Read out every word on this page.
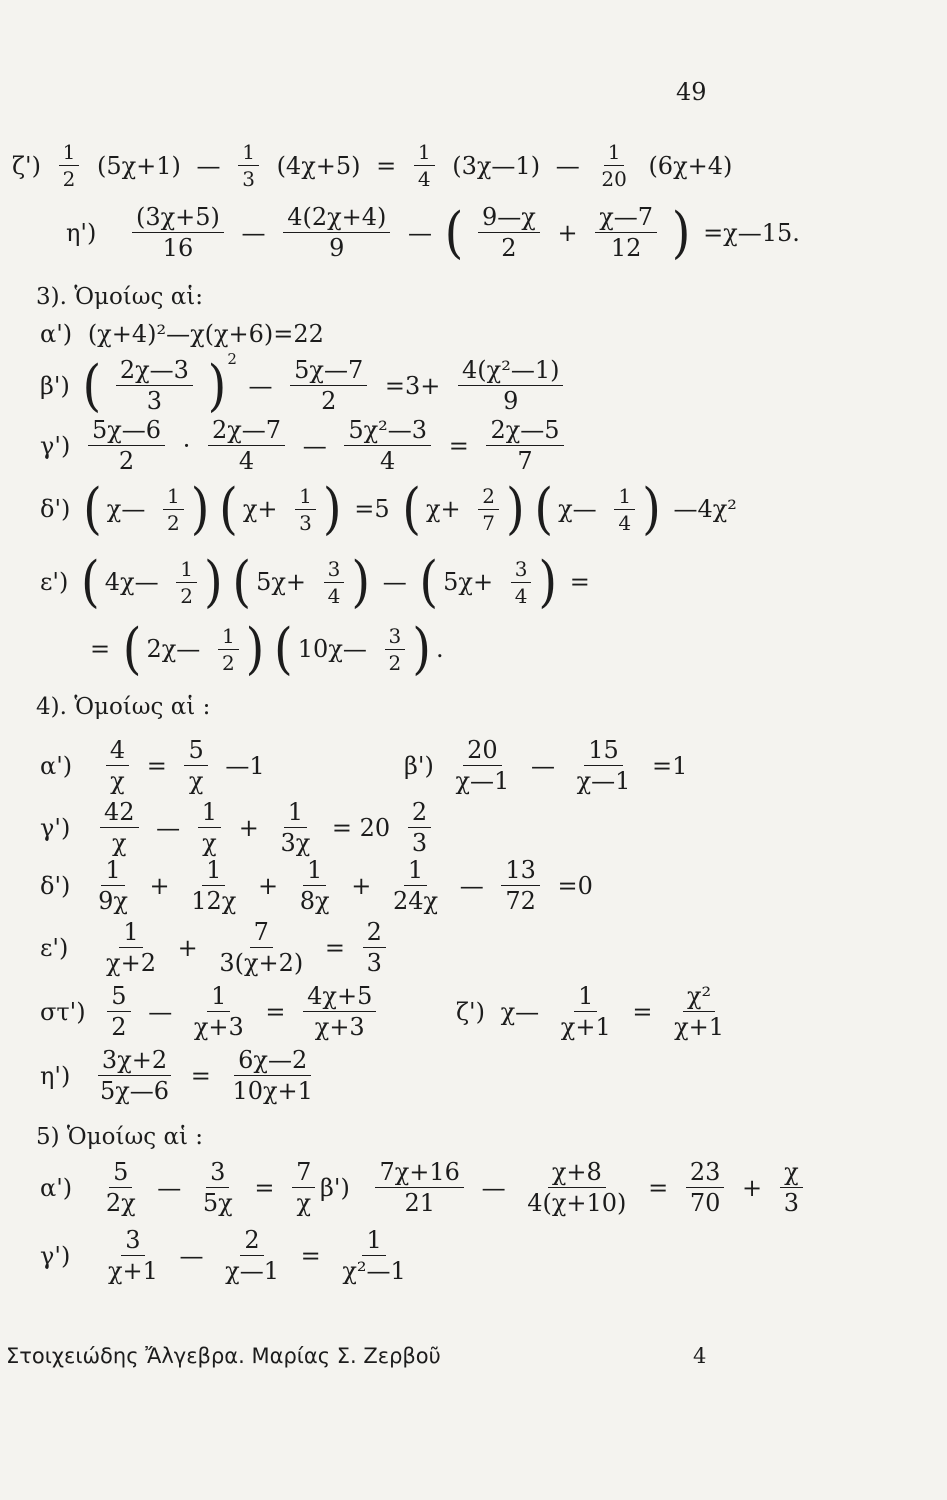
49
$\zeta') \frac{1}{2} (5\chi+1)$ — $\frac{1}{3} (4\chi+5) = \frac{1}{4}$ (3χ—1) — $\frac{1}{20} (6\chi+4)$
$\eta') \frac{(3\chi+5)}{16}$ — $\frac{4(2\chi+4)}{9}$ — ( $\frac{9—\chi}{2} + \frac{\chi—7}{12}$ ) =χ—15.
3). Ὁμοίως αἱ:
α') (χ+4)²—χ(χ+6)=22
β') ( $\frac{2\chi—3}{3} )^2$ — $\frac{5\chi—7}{2} =3+ \frac{\text{4(χ²—1)}}{9}$
$\gamma') \frac{5\chi—6}{2} \cdot \frac{2\chi—7}{4}$ — $\frac{\text{5χ²—3}}{4} = \frac{2\chi—5}{7}$
δ') ( χ— $\frac{1}{2}$ ) ( $\chi+ \frac{1}{3}$ ) =5 ( $\chi+ \frac{2}{7}$ ) ( χ— $\frac{1}{4}$ ) —4χ²
ε') ( 4χ— $\frac{1}{2}$ ) ( $5\chi+ \frac{3}{4}$ ) — ( $5\chi+ \frac{3}{4}$ ) =
= ( 2χ— $\frac{1}{2}$ ) ( 10χ— $\frac{3}{2}$ ) .
4). Ὁμοίως αἱ :
$\alpha') \frac{4}{\chi} = \frac{5}{\chi}$ —1	$\beta') \frac{20}{\chi—1}$ — $\frac{15}{\chi—1} =1$
$\gamma') \frac{42}{\chi}$ — $\frac{1}{\chi} + \frac{1}{3\chi} = 20 \frac{2}{3}$
$\delta') \frac{1}{9\chi} + \frac{1}{12\chi} + \frac{1}{8\chi} + \frac{1}{24\chi}$ — $\frac{13}{72} =0$
$\varepsilon') \frac{1}{\chi+2} + \frac{7}{3(\chi+2)} = \frac{2}{3}$
$\sigma\tau') \frac{5}{2}$ — $\frac{1}{\chi+3} = \frac{4\chi+5}{\chi+3}$	ζ') χ— $\frac{1}{\chi+1} = \frac{\text{χ²}}{\chi+1}$
$\eta') \frac{3\chi+2}{5\chi—6} = \frac{6\chi—2}{10\chi+1}$
5) Ὁμοίως αἱ :
$\alpha') \frac{5}{2\chi}$ — $\frac{3}{5\chi} = \frac{7}{\chi} \beta') \frac{7\chi+16}{21}$ — $\frac{\chi+8}{4(\chi+10)} = \frac{23}{70} + \frac{\chi}{3}$
$\gamma') \frac{3}{\chi+1}$ — $\frac{2}{\chi—1} = \frac{1}{\text{χ²—1}}$
Στοιχειώδης Ἄλγεβρα. Μαρίας Σ. Ζερβοῦ	4
